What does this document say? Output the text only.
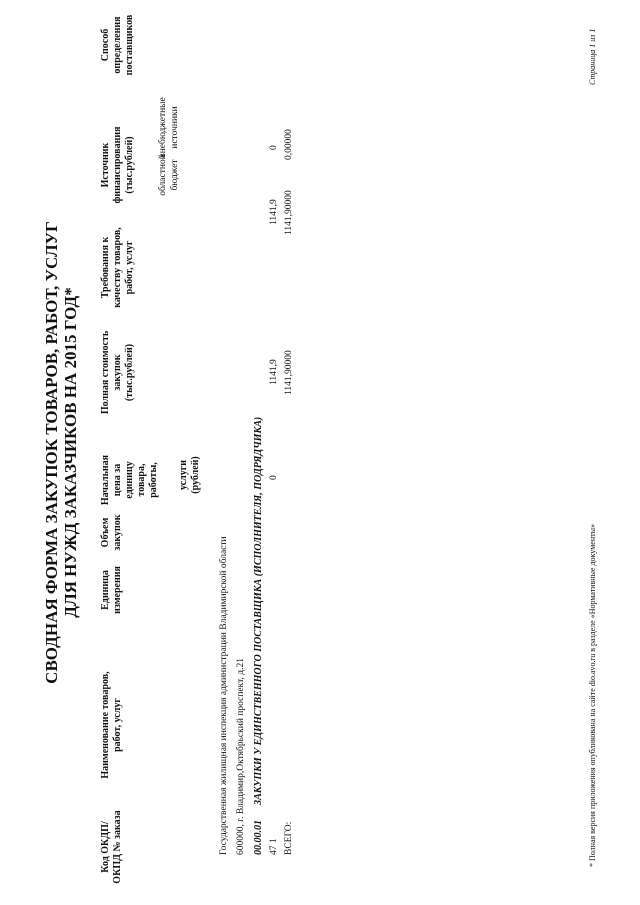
СВОДНАЯ ФОРМА ЗАКУПОК ТОВАРОВ, РАБОТ, УСЛУГ ДЛЯ НУЖД ЗАКАЗЧИКОВ НА 2015 ГОД*
Код ОКДП/ ОКПД № заказа
Наименование товаров, работ, услуг
Единица измерения
Объем закупок
Начальная цена за единицу товара, работы, услуги (рублей)
Полная стоимость закупок (тыс.рублей)
Требования к качеству товаров, работ, услуг
Источник финансирования (тыс.рублей) областной бюджет
внебюджетные источники
Способ определения поставщиков
Государственная жилищная инспекция администрации Владимирской области 600000, г. Владимир,Октябрьский проспект, д.21 00.00.01
ЗАКУПКИ У ЕДИНСТВЕННОГО ПОСТАВЩИКА (ИСПОЛНИТЕЛЯ, ПОДРЯДЧИКА)
47 1
0
1141,9
1141,9
0
ВСЕГО:
1141,90000
1141,90000
0,00000
* Полная версия приложения опубликована на сайте dio.avo.ru в разделе «Нормативные документы»
Страница 1 из 1
